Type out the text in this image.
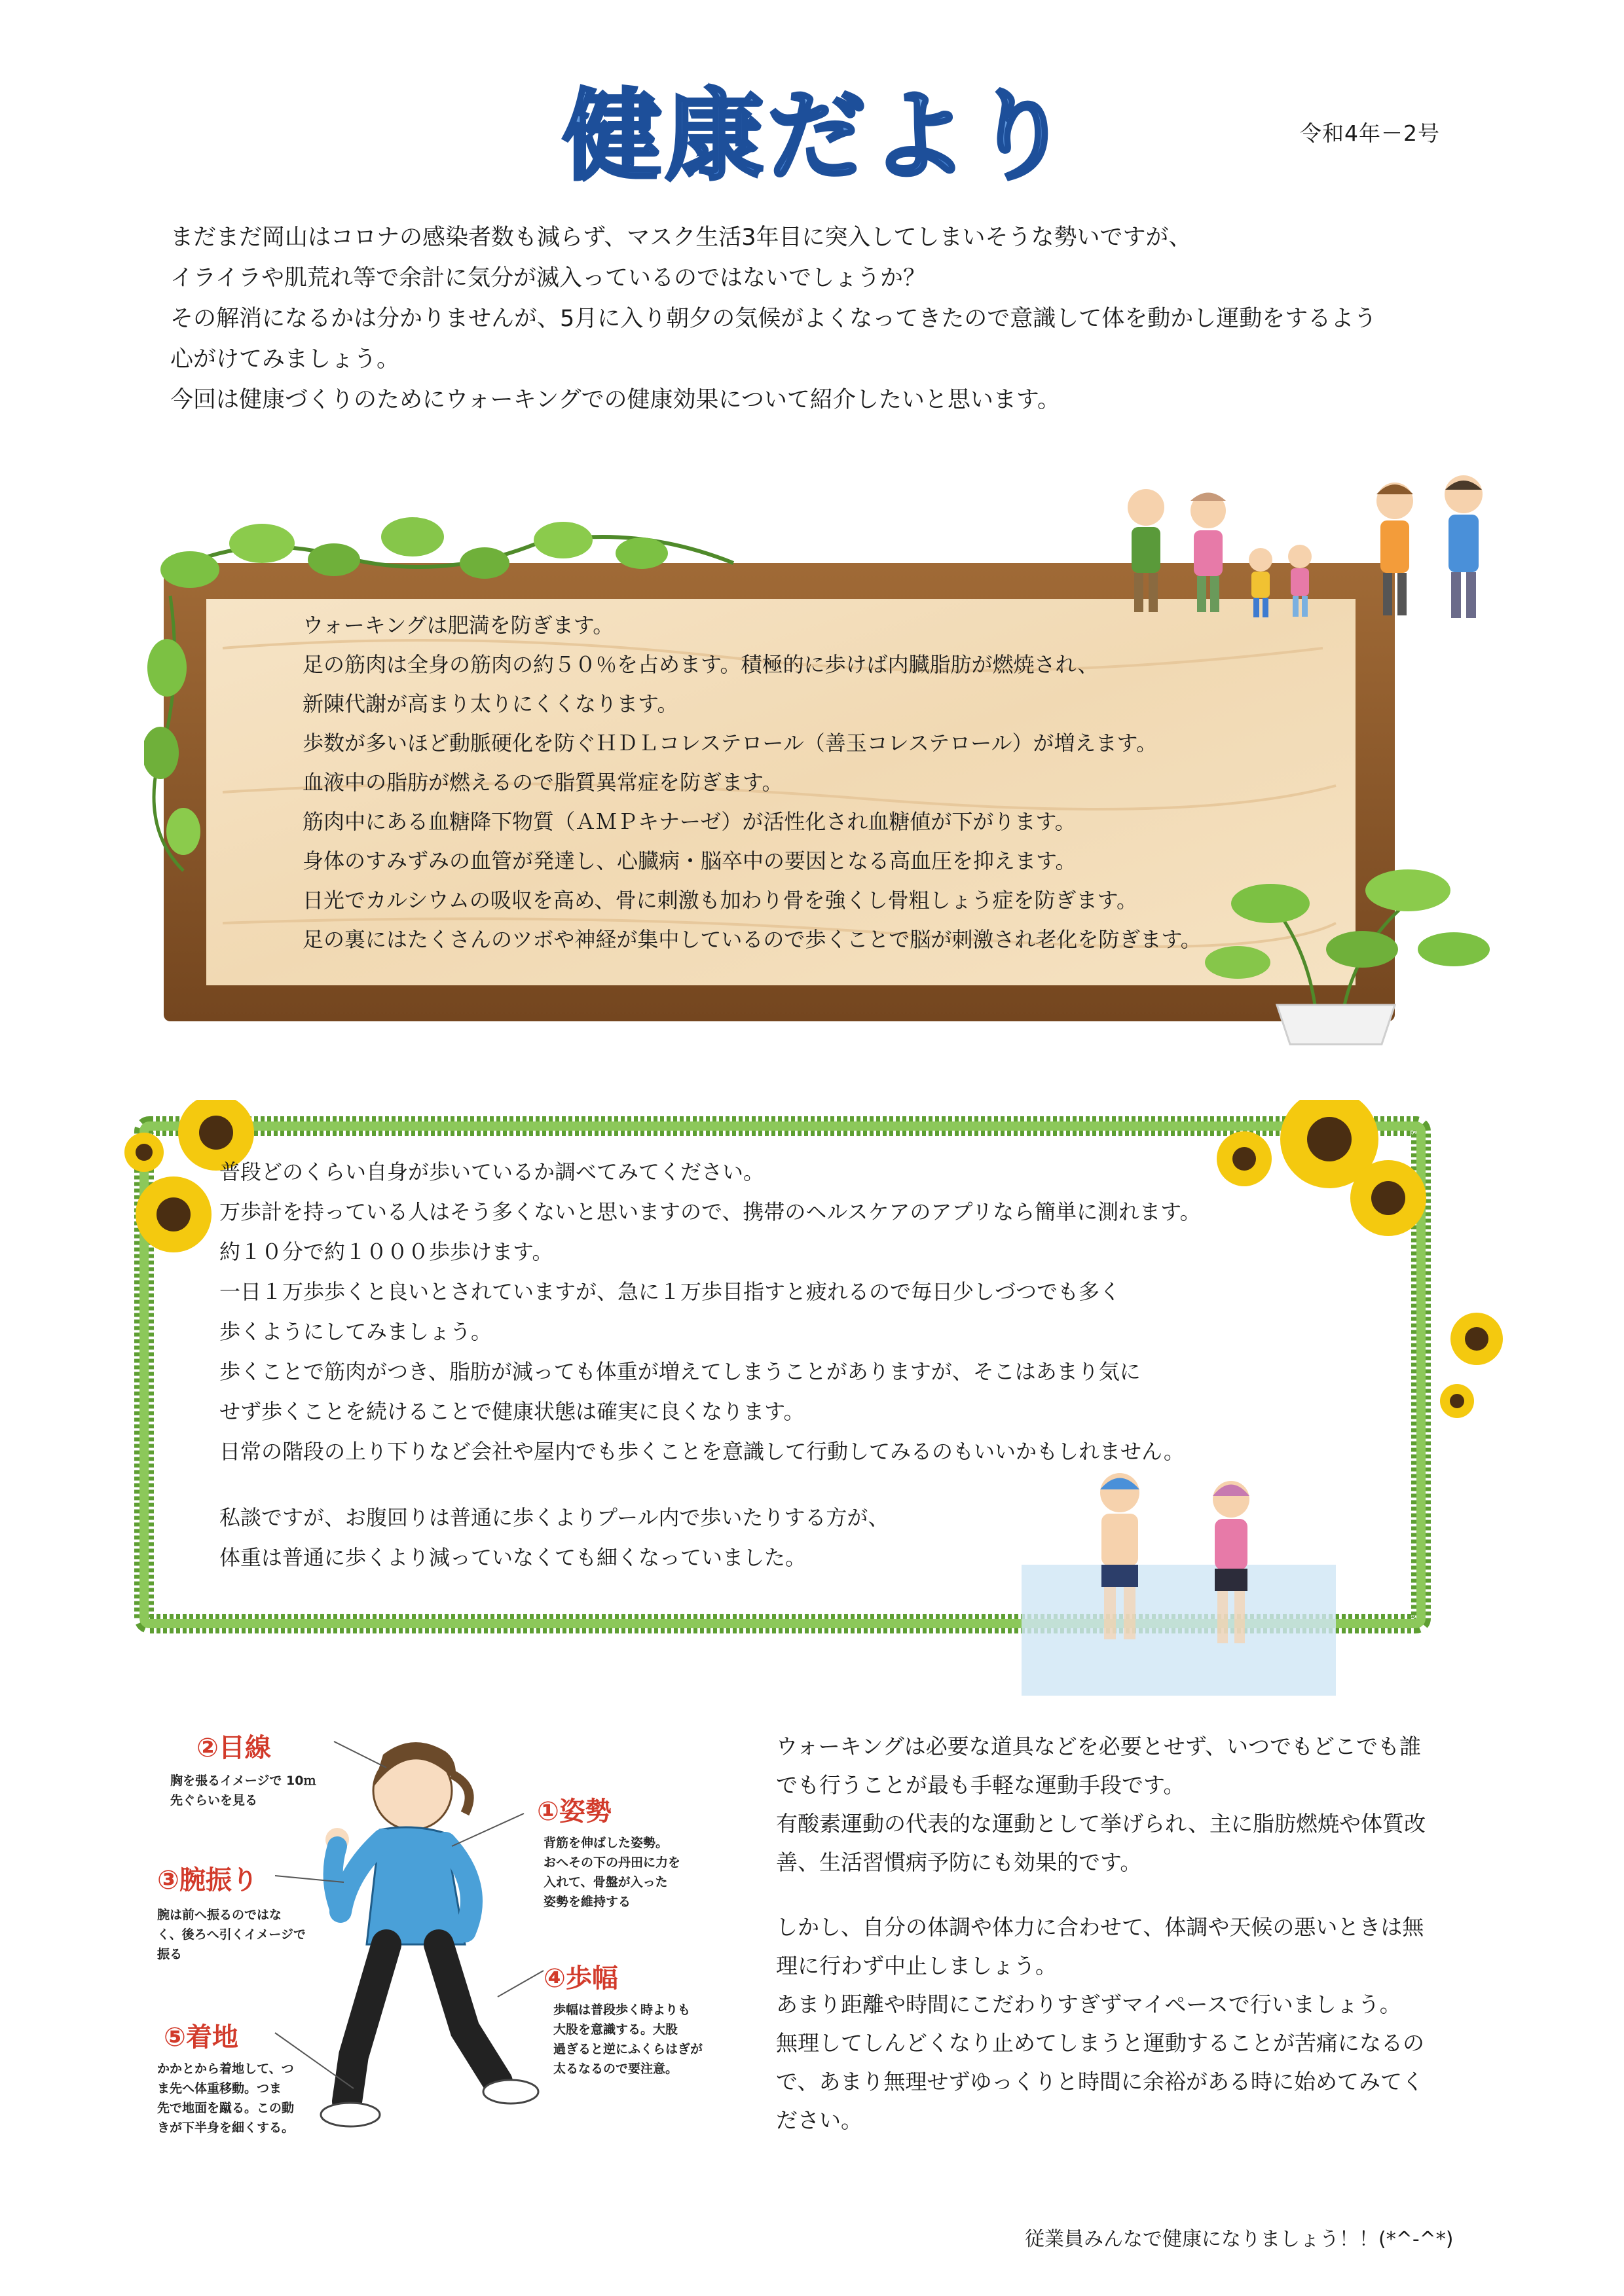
健康だより	令和4年－2号

まだまだ岡山はコロナの感染者数も減らず、マスク生活3年目に突入してしまいそうな勢いですが、

イライラや肌荒れ等で余計に気分が滅入っているのではないでしょうか？

その解消になるかは分かりませんが、5月に入り朝夕の気候がよくなってきたので意識して体を動かし運動をするよう

心がけてみましょう。

今回は健康づくりのためにウォーキングでの健康効果について紹介したいと思います。

ウォーキングは肥満を防ぎます。

足の筋肉は全身の筋肉の約５０％を占めます。積極的に歩けば内臓脂肪が燃焼され、

新陳代謝が高まり太りにくくなります。

歩数が多いほど動脈硬化を防ぐＨＤＬコレステロール（善玉コレステロール）が増えます。

血液中の脂肪が燃えるので脂質異常症を防ぎます。

筋肉中にある血糖降下物質（ＡＭＰキナーゼ）が活性化され血糖値が下がります。

身体のすみずみの血管が発達し、心臓病・脳卒中の要因となる高血圧を抑えます。

日光でカルシウムの吸収を高め、骨に刺激も加わり骨を強くし骨粗しょう症を防ぎます。

足の裏にはたくさんのツボや神経が集中しているので歩くことで脳が刺激され老化を防ぎます。

普段どのくらい自身が歩いているか調べてみてください。

万歩計を持っている人はそう多くないと思いますので、携帯のヘルスケアのアプリなら簡単に測れます。

約１０分で約１０００歩歩けます。

一日１万歩歩くと良いとされていますが、急に１万歩目指すと疲れるので毎日少しづつでも多く

歩くようにしてみましょう。

歩くことで筋肉がつき、脂肪が減っても体重が増えてしまうことがありますが、そこはあまり気に

せず歩くことを続けることで健康状態は確実に良くなります。

日常の階段の上り下りなど会社や屋内でも歩くことを意識して行動してみるのもいいかもしれません。

私談ですが、お腹回りは普通に歩くよりプール内で歩いたりする方が、

体重は普通に歩くより減っていなくても細くなっていました。

②目線

胸を張るイメージで 10ｍ

先ぐらいを見る	①姿勢

背筋を伸ばした姿勢。

おへその下の丹田に力を

入れて、骨盤が入った

姿勢を維持する

③腕振り

腕は前へ振るのではな

く、後ろへ引くイメージで

振る

④歩幅

歩幅は普段歩く時よりも

大股を意識する。大股

過ぎると逆にふくらはぎが

太るなるので要注意。

⑤着地

かかとから着地して、つ

ま先へ体重移動。つま

先で地面を蹴る。この動

きが下半身を細くする。

ウォーキングは必要な道具などを必要とせず、いつでもどこでも誰

でも行うことが最も手軽な運動手段です。

有酸素運動の代表的な運動として挙げられ、主に脂肪燃焼や体質改

善、生活習慣病予防にも効果的です。

しかし、自分の体調や体力に合わせて、体調や天候の悪いときは無

理に行わず中止しましょう。

あまり距離や時間にこだわりすぎずマイペースで行いましょう。

無理してしんどくなり止めてしまうと運動することが苦痛になるの

で、あまり無理せずゆっくりと時間に余裕がある時に始めてみてく

ださい。

従業員みんなで健康になりましょう！！(*^-^*)
